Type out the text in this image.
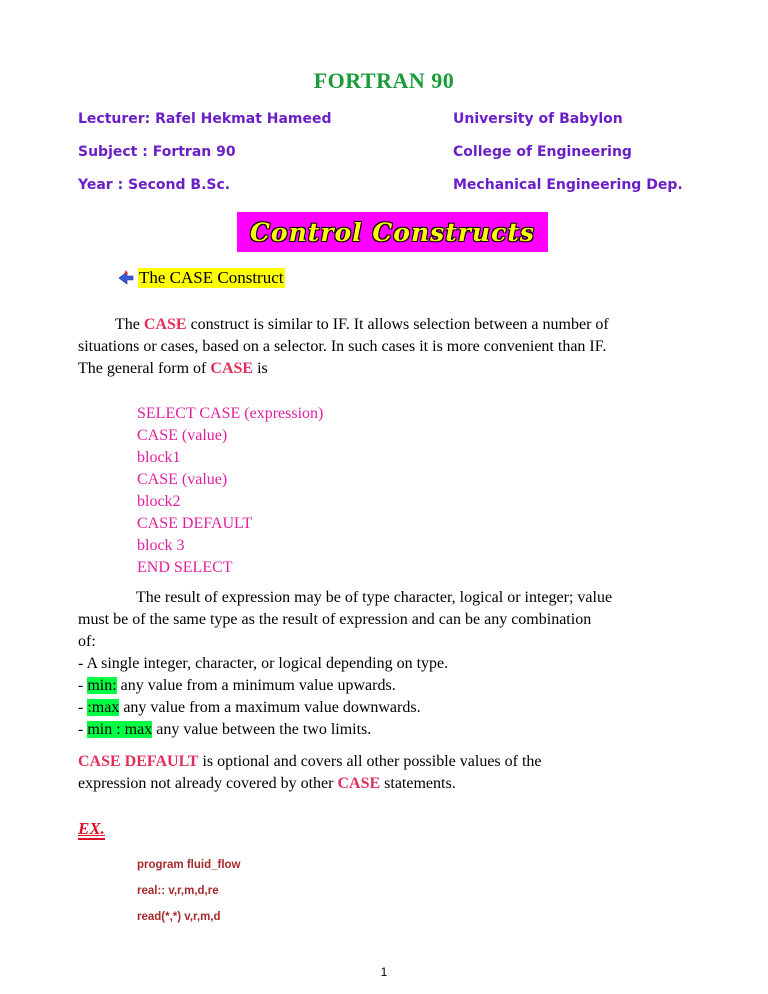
FORTRAN 90
Lecturer: Rafel Hekmat Hameed	University of Babylon
Subject : Fortran 90	College of Engineering
Year : Second B.Sc.	Mechanical Engineering Dep.
Control Constructs
The CASE Construct
The CASE construct is similar to IF. It allows selection between a number of
situations or cases, based on a selector. In such cases it is more convenient than IF.
The general form of CASE is
SELECT CASE (expression)
CASE (value)
block1
CASE (value)
block2
CASE DEFAULT
block 3
END SELECT
The result of expression may be of type character, logical or integer; value
must be of the same type as the result of expression and can be any combination
of:
- A single integer, character, or logical depending on type.
- min: any value from a minimum value upwards.
- :max any value from a maximum value downwards.
- min : max any value between the two limits.
CASE DEFAULT is optional and covers all other possible values of the
expression not already covered by other CASE statements.
EX.
program fluid_flow
real:: v,r,m,d,re
read(*,*) v,r,m,d
1
